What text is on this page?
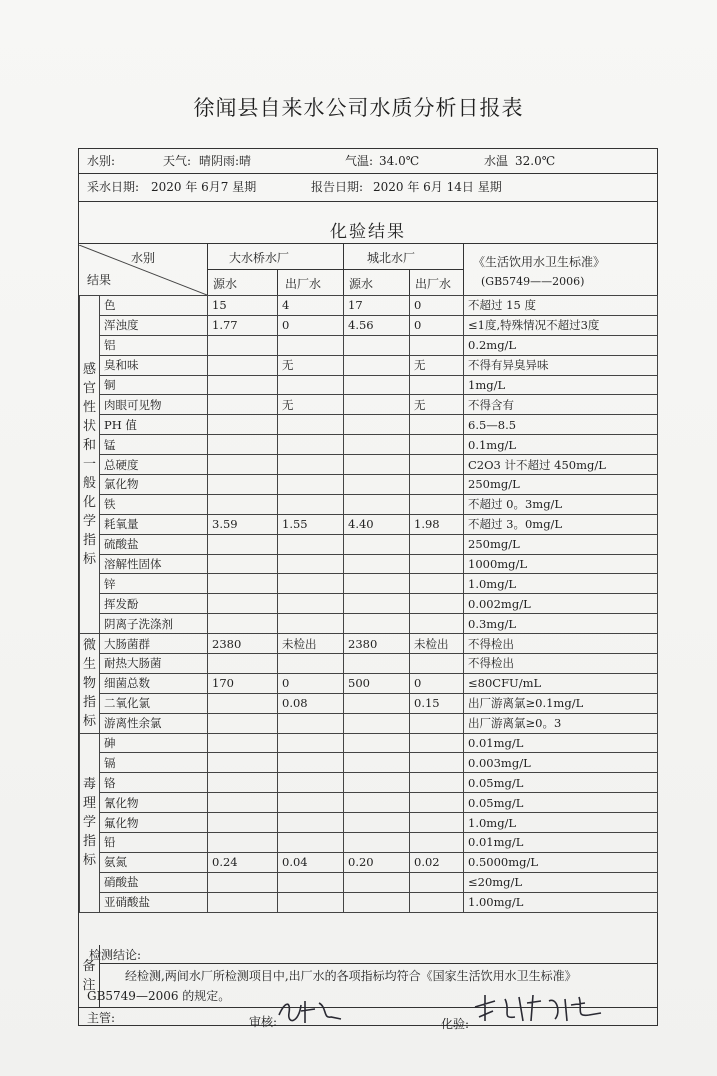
徐闻县自来水公司水质分析日报表
水别:	天气: 晴阴雨:晴	气温: 34.0℃	水温 32.0℃
采水日期: 2020 年 6月7 星期	报告日期: 2020 年 6月 14日 星期
化验结果
水别
结果
大水桥水厂	城北水厂
源水	出厂水 源水	出厂水
《生活饮用水卫生标准》
(GB5749——2006)
感官性状和一般化学指标	色	15	4	17	0	不超过 15 度
	浑浊度	1.77	0	4.56	0	≤1度,特殊情况不超过3度
	铝					0.2mg/L
	臭和味		无		无	不得有异臭异味
	铜					1mg/L
	肉眼可见物		无		无	不得含有
	PH 值					6.5—8.5
	锰					0.1mg/L
	总硬度					C2O3 计不超过 450mg/L
	氯化物					250mg/L
	铁					不超过 0。3mg/L
	耗氧量	3.59	1.55	4.40	1.98	不超过 3。0mg/L
	硫酸盐					250mg/L
	溶解性固体					1000mg/L
	锌					1.0mg/L
	挥发酚					0.002mg/L
	阴离子洗涤剂					0.3mg/L
微生物指标	大肠菌群	2380	未检出	2380	未检出	不得检出
	耐热大肠菌					不得检出
	细菌总数	170	0	500	0	≤80CFU/mL
	二氧化氯		0.08		0.15	出厂游离氯≥0.1mg/L
	游离性余氯					出厂游离氯≥0。3
毒理学指标	砷					0.01mg/L
	镉					0.003mg/L
	铬					0.05mg/L
	氰化物					0.05mg/L
	氟化物					1.0mg/L
	铅					0.01mg/L
	氨氮	0.24	0.04	0.20	0.02	0.5000mg/L
	硝酸盐					≤20mg/L
	亚硝酸盐					1.00mg/L
备注
检测结论:
经检测,两间水厂所检测项目中,出厂水的各项指标均符合《国家生活饮用水卫生标准》
GB5749—2006 的规定。
主管:	审核:	化验:
